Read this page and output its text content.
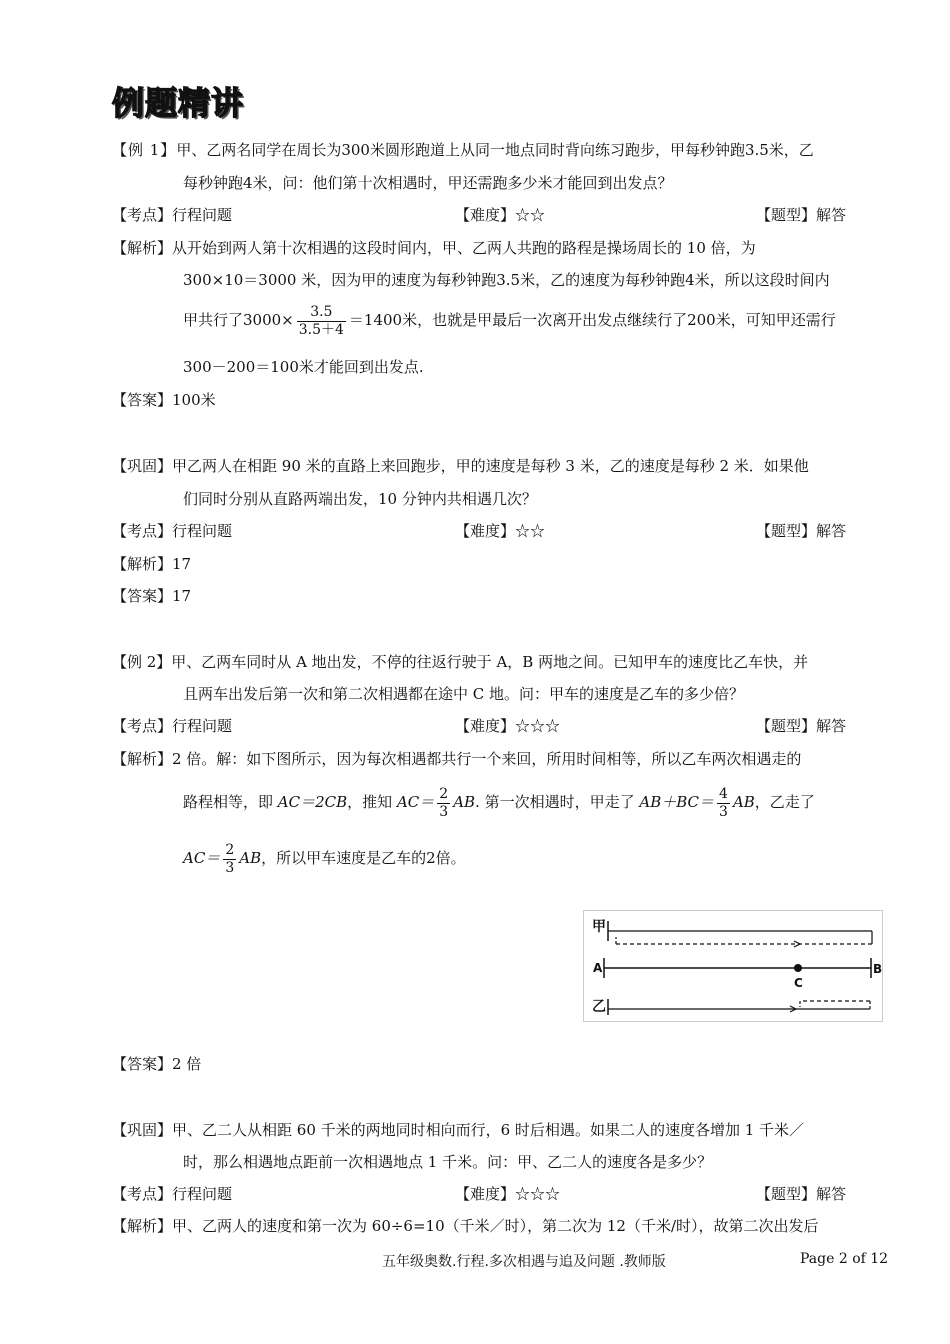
例题精讲
【例 1】甲、乙两名同学在周长为300米圆形跑道上从同一地点同时背向练习跑步，甲每秒钟跑3.5米，乙
每秒钟跑4米，问：他们第十次相遇时，甲还需跑多少米才能回到出发点？
【考点】行程问题	【难度】☆☆	【题型】解答
【解析】从开始到两人第十次相遇的这段时间内，甲、乙两人共跑的路程是操场周长的 10 倍，为
300×10＝3000 米，因为甲的速度为每秒钟跑3.5米，乙的速度为每秒钟跑4米，所以这段时间内
甲共行了$3000\times \frac{3.5}{3.5+4} =1400$米，也就是甲最后一次离开出发点继续行了200米，可知甲还需行
300－200＝100米才能回到出发点.
【答案】100米
【巩固】甲乙两人在相距 90 米的直路上来回跑步，甲的速度是每秒 3 米，乙的速度是每秒 2 米．如果他
们同时分别从直路两端出发，10 分钟内共相遇几次？
【考点】行程问题	【难度】☆☆	【题型】解答
【解析】17
【答案】17
【例 2】甲、乙两车同时从 A 地出发，不停的往返行驶于 A，B 两地之间。已知甲车的速度比乙车快，并
且两车出发后第一次和第二次相遇都在途中 C 地。问：甲车的速度是乙车的多少倍？
【考点】行程问题	【难度】☆☆☆	【题型】解答
【解析】2 倍。解：如下图所示，因为每次相遇都共行一个来回，所用时间相等，所以乙车两次相遇走的
路程相等，即 AC＝2CB，推知 $AC= \frac{2}{3}$ AB. 第一次相遇时，甲走了 $AB+BC= \frac{4}{3}$ AB，乙走了
$AC= \frac{2}{3}$ AB，所以甲车速度是乙车的2倍。
甲
A	B
C
乙
【答案】2 倍
【巩固】甲、乙二人从相距 60 千米的两地同时相向而行，6 时后相遇。如果二人的速度各增加 1 千米／
时，那么相遇地点距前一次相遇地点 1 千米。问：甲、乙二人的速度各是多少？
【考点】行程问题	【难度】☆☆☆	【题型】解答
【解析】甲、乙两人的速度和第一次为 60÷6=10（千米／时），第二次为 12（千米/时），故第二次出发后
五年级奥数.行程.多次相遇与追及问题 .教师版	Page 2 of 12
